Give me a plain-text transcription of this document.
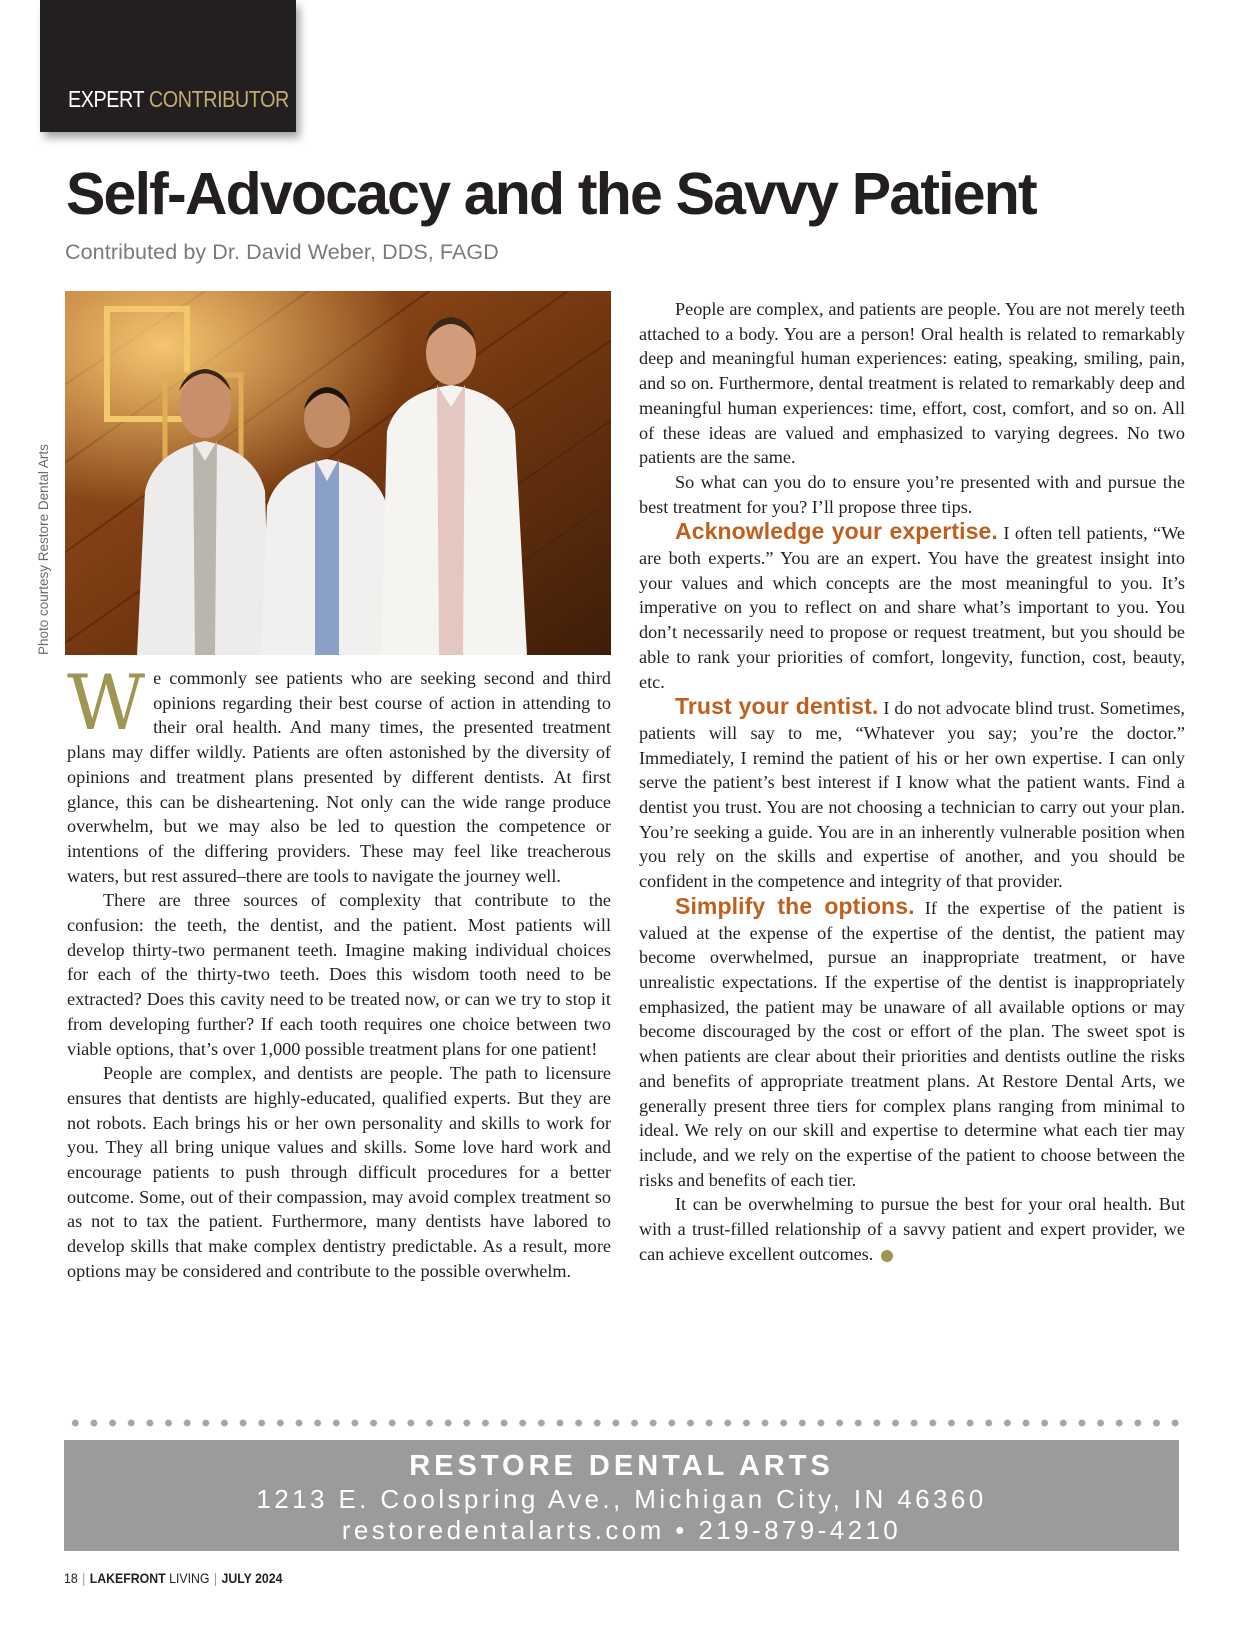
EXPERT CONTRIBUTOR
Self-Advocacy and the Savvy Patient
Contributed by Dr. David Weber, DDS, FAGD
Photo courtesy Restore Dental Arts

We commonly see patients who are seeking second and third opinions regarding their best course of action in attending to their oral health. And many times, the presented treatment plans may differ wildly. Patients are often astonished by the diversity of opinions and treatment plans presented by different dentists. At first glance, this can be disheartening. Not only can the wide range produce overwhelm, but we may also be led to question the competence or intentions of the differing providers. These may feel like treacherous waters, but rest assured–there are tools to navigate the journey well.

There are three sources of complexity that contribute to the confusion: the teeth, the dentist, and the patient. Most patients will develop thirty-two permanent teeth. Imagine making individual choices for each of the thirty-two teeth. Does this wisdom tooth need to be extracted? Does this cavity need to be treated now, or can we try to stop it from developing further? If each tooth requires one choice between two viable options, that’s over 1,000 possible treatment plans for one patient!

People are complex, and dentists are people. The path to licensure ensures that dentists are highly-educated, qualified experts. But they are not robots. Each brings his or her own personality and skills to work for you. They all bring unique values and skills. Some love hard work and encourage patients to push through difficult procedures for a better outcome. Some, out of their compassion, may avoid complex treatment so as not to tax the patient. Furthermore, many dentists have labored to develop skills that make complex dentistry predictable. As a result, more options may be considered and contribute to the possible overwhelm.

People are complex, and patients are people. You are not merely teeth attached to a body. You are a person! Oral health is related to remarkably deep and meaningful human experiences: eating, speaking, smiling, pain, and so on. Furthermore, dental treatment is related to remarkably deep and meaningful human experiences: time, effort, cost, comfort, and so on. All of these ideas are valued and emphasized to varying degrees. No two patients are the same.

So what can you do to ensure you’re presented with and pursue the best treatment for you? I’ll propose three tips.

Acknowledge your expertise. I often tell patients, “We are both experts.” You are an expert. You have the greatest insight into your values and which concepts are the most meaningful to you. It’s imperative on you to reflect on and share what’s important to you. You don’t necessarily need to propose or request treatment, but you should be able to rank your priorities of comfort, longevity, function, cost, beauty, etc.

Trust your dentist. I do not advocate blind trust. Sometimes, patients will say to me, “Whatever you say; you’re the doctor.” Immediately, I remind the patient of his or her own expertise. I can only serve the patient’s best interest if I know what the patient wants. Find a dentist you trust. You are not choosing a technician to carry out your plan. You’re seeking a guide. You are in an inherently vulnerable position when you rely on the skills and expertise of another, and you should be confident in the competence and integrity of that provider.

Simplify the options. If the expertise of the patient is valued at the expense of the expertise of the dentist, the patient may become overwhelmed, pursue an inappropriate treatment, or have unrealistic expectations. If the expertise of the dentist is inappropriately emphasized, the patient may be unaware of all available options or may become discouraged by the cost or effort of the plan. The sweet spot is when patients are clear about their priorities and dentists outline the risks and benefits of appropriate treatment plans. At Restore Dental Arts, we generally present three tiers for complex plans ranging from minimal to ideal. We rely on our skill and expertise to determine what each tier may include, and we rely on the expertise of the patient to choose between the risks and benefits of each tier.

It can be overwhelming to pursue the best for your oral health. But with a trust-filled relationship of a savvy patient and expert provider, we can achieve excellent outcomes.

RESTORE DENTAL ARTS
1213 E. Coolspring Ave., Michigan City, IN 46360
restoredentalarts.com • 219-879-4210
18 | LAKEFRONT LIVING | JULY 2024
